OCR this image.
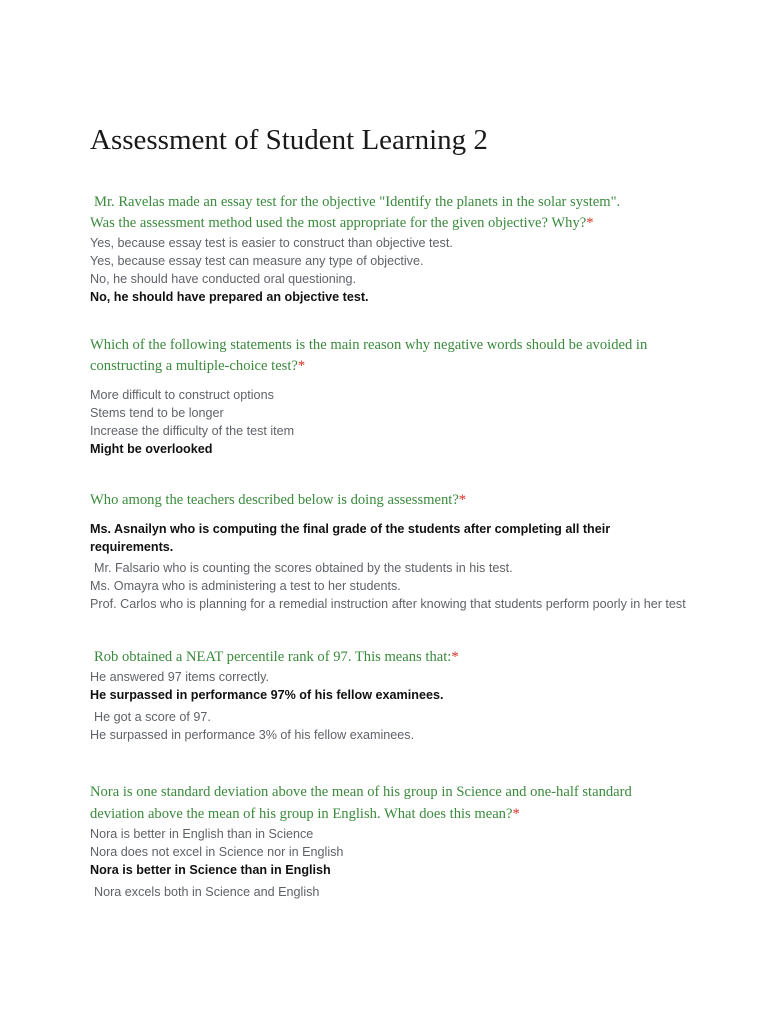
Assessment of Student Learning 2
Mr. Ravelas made an essay test for the objective "Identify the planets in the solar system".
Was the assessment method used the most appropriate for the given objective? Why?*
Yes, because essay test is easier to construct than objective test.
Yes, because essay test can measure any type of objective.
No, he should have conducted oral questioning.
No, he should have prepared an objective test.
Which of the following statements is the main reason why negative words should be avoided in
constructing a multiple-choice test?*
More difficult to construct options
Stems tend to be longer
Increase the difficulty of the test item
Might be overlooked
Who among the teachers described below is doing assessment?*
Ms. Asnailyn who is computing the final grade of the students after completing all their requirements.
Mr. Falsario who is counting the scores obtained by the students in his test.
Ms. Omayra who is administering a test to her students.
Prof. Carlos who is planning for a remedial instruction after knowing that students perform poorly in her test
Rob obtained a NEAT percentile rank of 97. This means that:*
He answered 97 items correctly.
He surpassed in performance 97% of his fellow examinees.
He got a score of 97.
He surpassed in performance 3% of his fellow examinees.
Nora is one standard deviation above the mean of his group in Science and one-half standard
deviation above the mean of his group in English. What does this mean?*
Nora is better in English than in Science
Nora does not excel in Science nor in English
Nora is better in Science than in English
Nora excels both in Science and English
